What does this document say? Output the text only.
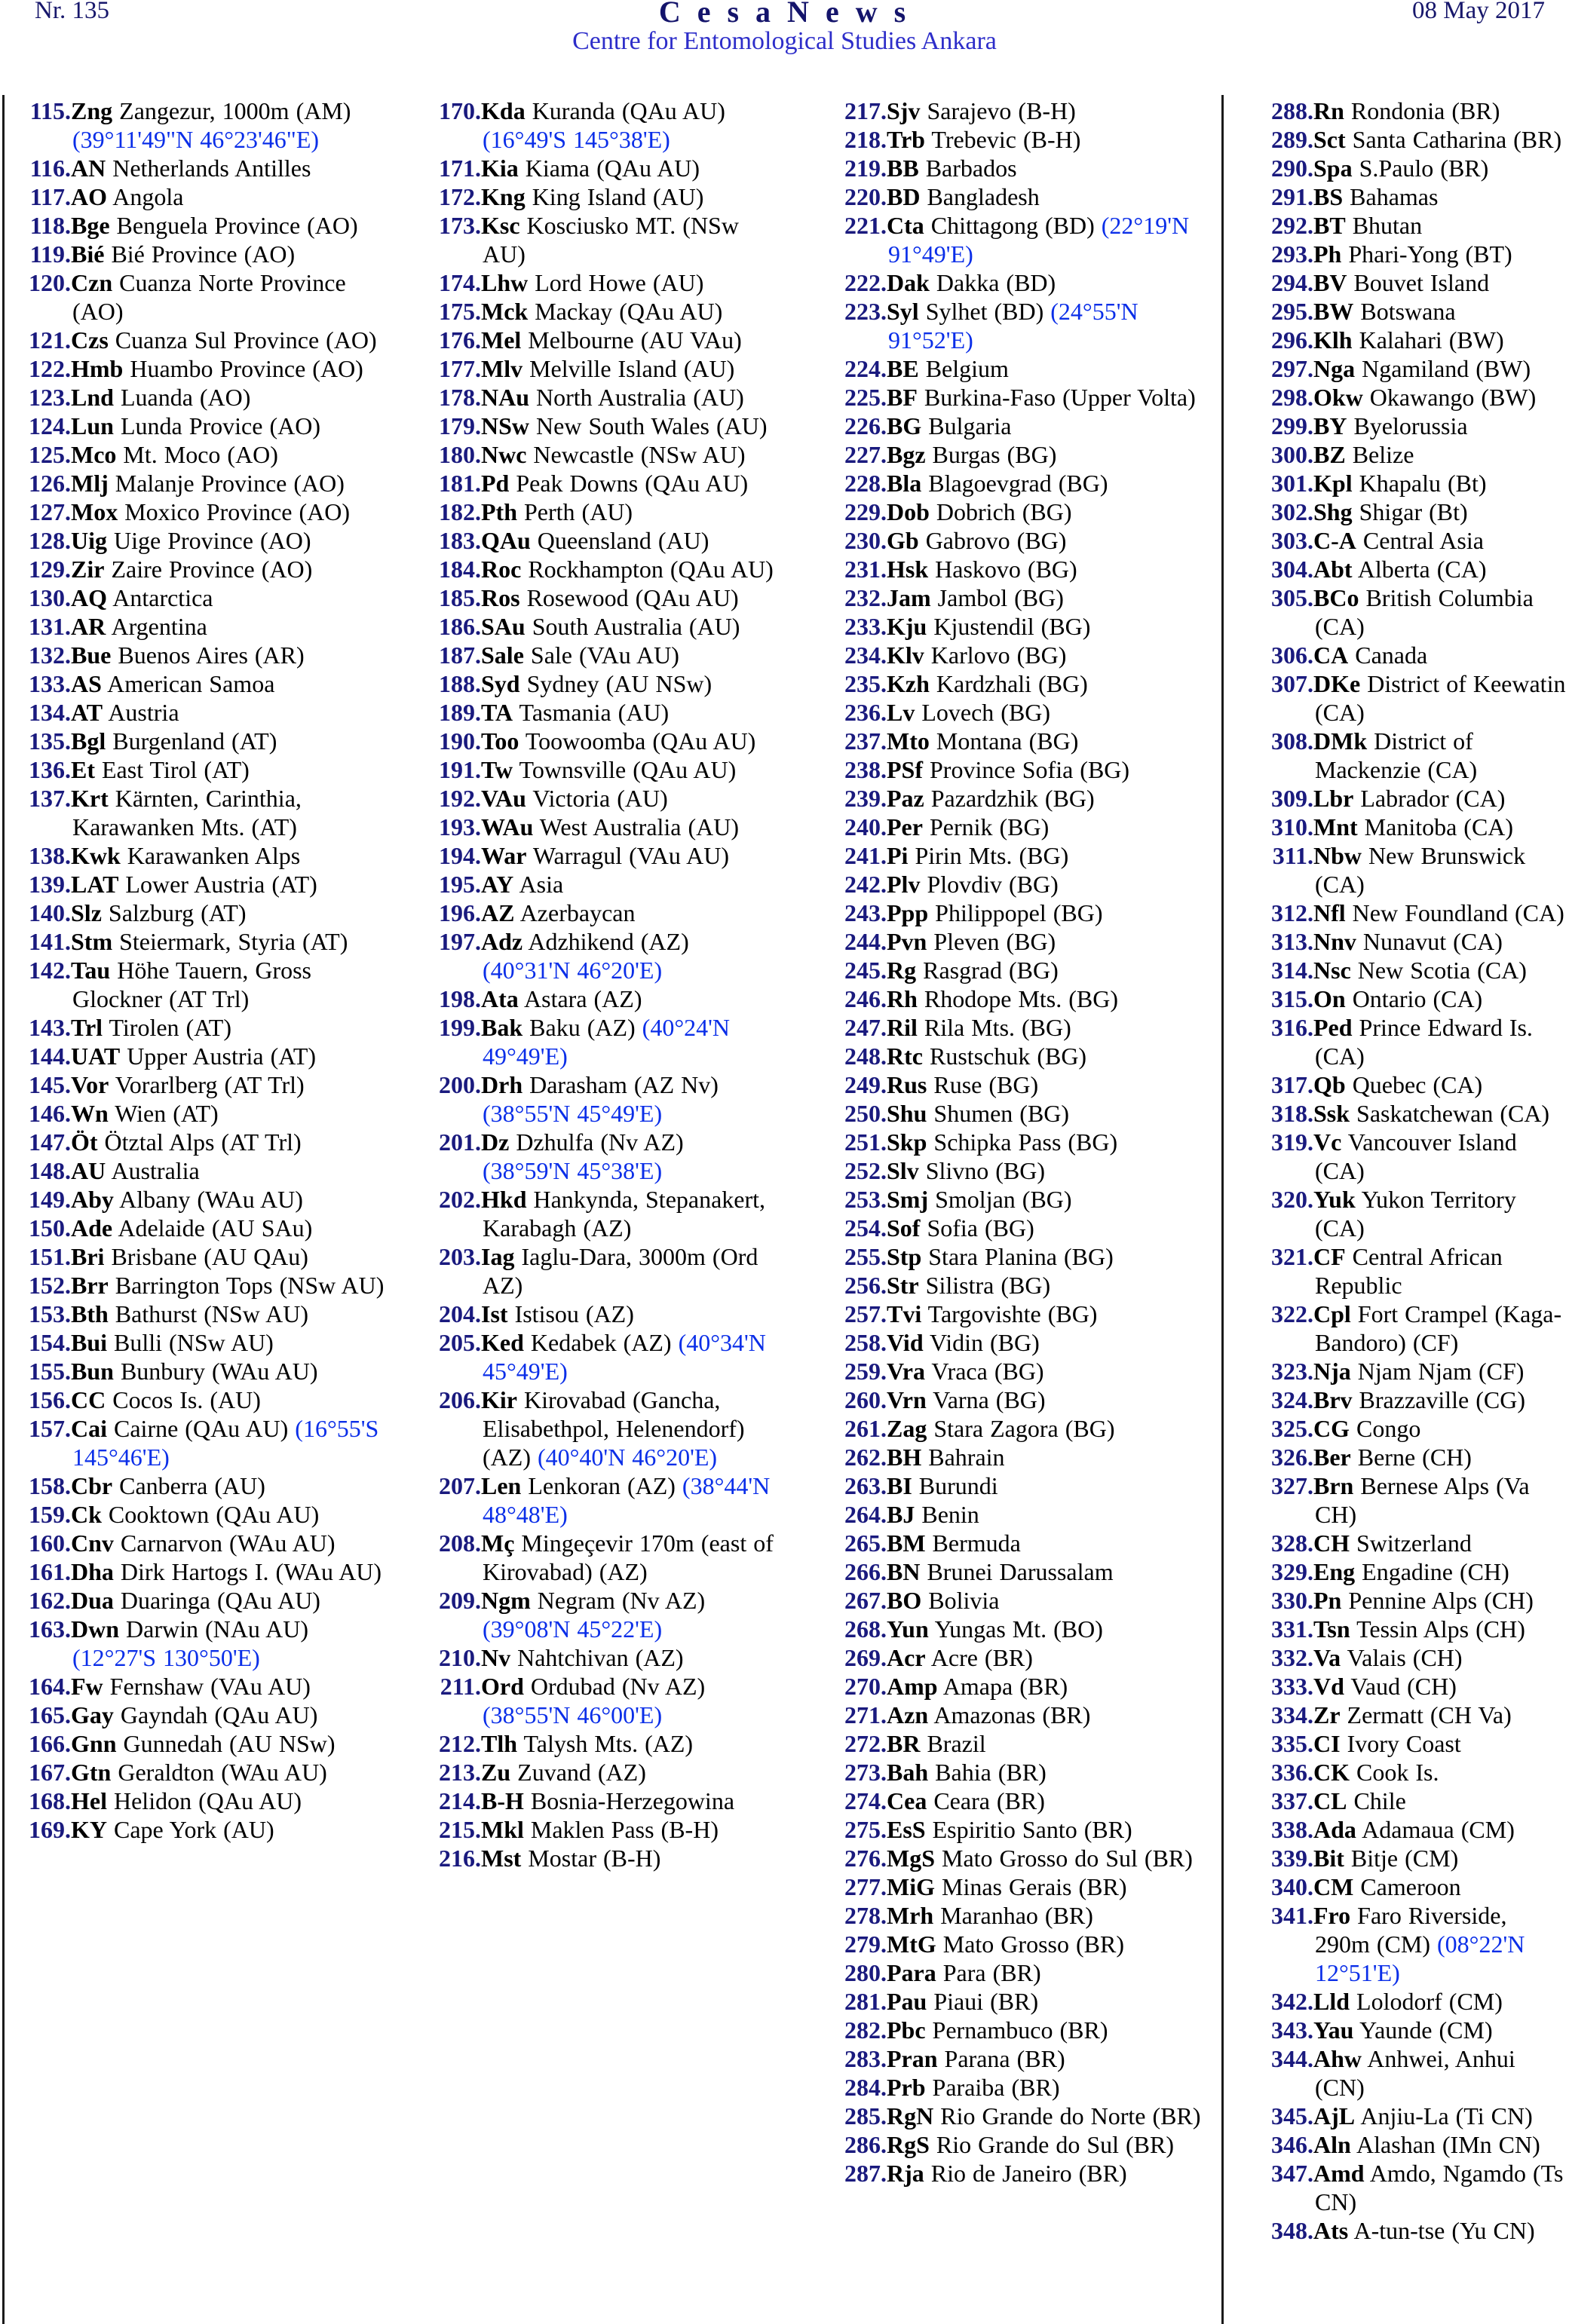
Nr. 135	C e s a N e w s	08 May 2017
Centre for Entomological Studies Ankara
115.Zng Zangezur, 1000m (AM) (39°11'49"N 46°23'46"E)
116.AN Netherlands Antilles
117.AO Angola
118.Bge Benguela Province (AO)
119.Bié Bié Province (AO)
120.Czn Cuanza Norte Province (AO)
121.Czs Cuanza Sul Province (AO)
122.Hmb Huambo Province (AO)
123.Lnd Luanda (AO)
124.Lun Lunda Provice (AO)
125.Mco Mt. Moco (AO)
126.Mlj Malanje Province (AO)
127.Mox Moxico Province (AO)
128.Uig Uige Province (AO)
129.Zir Zaire Province (AO)
130.AQ Antarctica
131.AR Argentina
132.Bue Buenos Aires (AR)
133.AS American Samoa
134.AT Austria
135.Bgl Burgenland (AT)
136.Et East Tirol (AT)
137.Krt Kärnten, Carinthia, Karawanken Mts. (AT)
138.Kwk Karawanken Alps
139.LAT Lower Austria (AT)
140.Slz Salzburg (AT)
141.Stm Steiermark, Styria (AT)
142.Tau Höhe Tauern, Gross Glockner (AT Trl)
143.Trl Tirolen (AT)
144.UAT Upper Austria (AT)
145.Vor Vorarlberg (AT Trl)
146.Wn Wien (AT)
147.Öt Ötztal Alps (AT Trl)
148.AU Australia
149.Aby Albany (WAu AU)
150.Ade Adelaide (AU SAu)
151.Bri Brisbane (AU QAu)
152.Brr Barrington Tops (NSw AU)
153.Bth Bathurst (NSw AU)
154.Bui Bulli (NSw AU)
155.Bun Bunbury (WAu AU)
156.CC Cocos Is. (AU)
157.Cai Cairne (QAu AU) (16°55'S 145°46'E)
158.Cbr Canberra (AU)
159.Ck Cooktown (QAu AU)
160.Cnv Carnarvon (WAu AU)
161.Dha Dirk Hartogs I. (WAu AU)
162.Dua Duaringa (QAu AU)
163.Dwn Darwin (NAu AU) (12°27'S 130°50'E)
164.Fw Fernshaw (VAu AU)
165.Gay Gayndah (QAu AU)
166.Gnn Gunnedah (AU NSw)
167.Gtn Geraldton (WAu AU)
168.Hel Helidon (QAu AU)
169.KY Cape York (AU)
170.Kda Kuranda (QAu AU) (16°49'S 145°38'E)
171.Kia Kiama (QAu AU)
172.Kng King Island (AU)
173.Ksc Kosciusko MT. (NSw AU)
174.Lhw Lord Howe (AU)
175.Mck Mackay (QAu AU)
176.Mel Melbourne (AU VAu)
177.Mlv Melville Island (AU)
178.NAu North Australia (AU)
179.NSw New South Wales (AU)
180.Nwc Newcastle (NSw AU)
181.Pd Peak Downs (QAu AU)
182.Pth Perth (AU)
183.QAu Queensland (AU)
184.Roc Rockhampton (QAu AU)
185.Ros Rosewood (QAu AU)
186.SAu South Australia (AU)
187.Sale Sale (VAu AU)
188.Syd Sydney (AU NSw)
189.TA Tasmania (AU)
190.Too Toowoomba (QAu AU)
191.Tw Townsville (QAu AU)
192.VAu Victoria (AU)
193.WAu West Australia (AU)
194.War Warragul (VAu AU)
195.AY Asia
196.AZ Azerbaycan
197.Adz Adzhikend (AZ) (40°31'N 46°20'E)
198.Ata Astara (AZ)
199.Bak Baku (AZ) (40°24'N 49°49'E)
200.Drh Darasham (AZ Nv) (38°55'N 45°49'E)
201.Dz Dzhulfa (Nv AZ) (38°59'N 45°38'E)
202.Hkd Hankynda, Stepanakert, Karabagh (AZ)
203.Iag Iaglu-Dara, 3000m (Ord AZ)
204.Ist Istisou (AZ)
205.Ked Kedabek (AZ) (40°34'N 45°49'E)
206.Kir Kirovabad (Gancha, Elisabethpol, Helenendorf) (AZ) (40°40'N 46°20'E)
207.Len Lenkoran (AZ) (38°44'N 48°48'E)
208.Mç Mingeçevir 170m (east of Kirovabad) (AZ)
209.Ngm Negram (Nv AZ) (39°08'N 45°22'E)
210.Nv Nahtchivan (AZ)
211.Ord Ordubad (Nv AZ) (38°55'N 46°00'E)
212.Tlh Talysh Mts. (AZ)
213.Zu Zuvand (AZ)
214.B-H Bosnia-Herzegowina
215.Mkl Maklen Pass (B-H)
216.Mst Mostar (B-H)
217.Sjv Sarajevo (B-H)
218.Trb Trebevic (B-H)
219.BB Barbados
220.BD Bangladesh
221.Cta Chittagong (BD) (22°19'N 91°49'E)
222.Dak Dakka (BD)
223.Syl Sylhet (BD) (24°55'N 91°52'E)
224.BE Belgium
225.BF Burkina-Faso (Upper Volta)
226.BG Bulgaria
227.Bgz Burgas (BG)
228.Bla Blagoevgrad (BG)
229.Dob Dobrich (BG)
230.Gb Gabrovo (BG)
231.Hsk Haskovo (BG)
232.Jam Jambol (BG)
233.Kju Kjustendil (BG)
234.Klv Karlovo (BG)
235.Kzh Kardzhali (BG)
236.Lv Lovech (BG)
237.Mto Montana (BG)
238.PSf Province Sofia (BG)
239.Paz Pazardzhik (BG)
240.Per Pernik (BG)
241.Pi Pirin Mts. (BG)
242.Plv Plovdiv (BG)
243.Ppp Philippopel (BG)
244.Pvn Pleven (BG)
245.Rg Rasgrad (BG)
246.Rh Rhodope Mts. (BG)
247.Ril Rila Mts. (BG)
248.Rtc Rustschuk (BG)
249.Rus Ruse (BG)
250.Shu Shumen (BG)
251.Skp Schipka Pass (BG)
252.Slv Slivno (BG)
253.Smj Smoljan (BG)
254.Sof Sofia (BG)
255.Stp Stara Planina (BG)
256.Str Silistra (BG)
257.Tvi Targovishte (BG)
258.Vid Vidin (BG)
259.Vra Vraca (BG)
260.Vrn Varna (BG)
261.Zag Stara Zagora (BG)
262.BH Bahrain
263.BI Burundi
264.BJ Benin
265.BM Bermuda
266.BN Brunei Darussalam
267.BO Bolivia
268.Yun Yungas Mt. (BO)
269.Acr Acre (BR)
270.Amp Amapa (BR)
271.Azn Amazonas (BR)
272.BR Brazil
273.Bah Bahia (BR)
274.Cea Ceara (BR)
275.EsS Espiritio Santo (BR)
276.MgS Mato Grosso do Sul (BR)
277.MiG Minas Gerais (BR)
278.Mrh Maranhao (BR)
279.MtG Mato Grosso (BR)
280.Para Para (BR)
281.Pau Piaui (BR)
282.Pbc Pernambuco (BR)
283.Pran Parana (BR)
284.Prb Paraiba (BR)
285.RgN Rio Grande do Norte (BR)
286.RgS Rio Grande do Sul (BR)
287.Rja Rio de Janeiro (BR)
288.Rn Rondonia (BR)
289.Sct Santa Catharina (BR)
290.Spa S.Paulo (BR)
291.BS Bahamas
292.BT Bhutan
293.Ph Phari-Yong (BT)
294.BV Bouvet Island
295.BW Botswana
296.Klh Kalahari (BW)
297.Nga Ngamiland (BW)
298.Okw Okawango (BW)
299.BY Byelorussia
300.BZ Belize
301.Kpl Khapalu (Bt)
302.Shg Shigar (Bt)
303.C-A Central Asia
304.Abt Alberta (CA)
305.BCo British Columbia (CA)
306.CA Canada
307.DKe District of Keewatin (CA)
308.DMk District of Mackenzie (CA)
309.Lbr Labrador (CA)
310.Mnt Manitoba (CA)
311.Nbw New Brunswick (CA)
312.Nfl New Foundland (CA)
313.Nnv Nunavut (CA)
314.Nsc New Scotia (CA)
315.On Ontario (CA)
316.Ped Prince Edward Is. (CA)
317.Qb Quebec (CA)
318.Ssk Saskatchewan (CA)
319.Vc Vancouver Island (CA)
320.Yuk Yukon Territory (CA)
321.CF Central African Republic
322.Cpl Fort Crampel (Kaga-Bandoro) (CF)
323.Nja Njam Njam (CF)
324.Brv Brazzaville (CG)
325.CG Congo
326.Ber Berne (CH)
327.Brn Bernese Alps (Va CH)
328.CH Switzerland
329.Eng Engadine (CH)
330.Pn Pennine Alps (CH)
331.Tsn Tessin Alps (CH)
332.Va Valais (CH)
333.Vd Vaud (CH)
334.Zr Zermatt (CH Va)
335.CI Ivory Coast
336.CK Cook Is.
337.CL Chile
338.Ada Adamaua (CM)
339.Bit Bitje (CM)
340.CM Cameroon
341.Fro Faro Riverside, 290m (CM) (08°22'N 12°51'E)
342.Lld Lolodorf (CM)
343.Yau Yaunde (CM)
344.Ahw Anhwei, Anhui (CN)
345.AjL Anjiu-La (Ti CN)
346.Aln Alashan (IMn CN)
347.Amd Amdo, Ngamdo (Ts CN)
348.Ats A-tun-tse (Yu CN)
